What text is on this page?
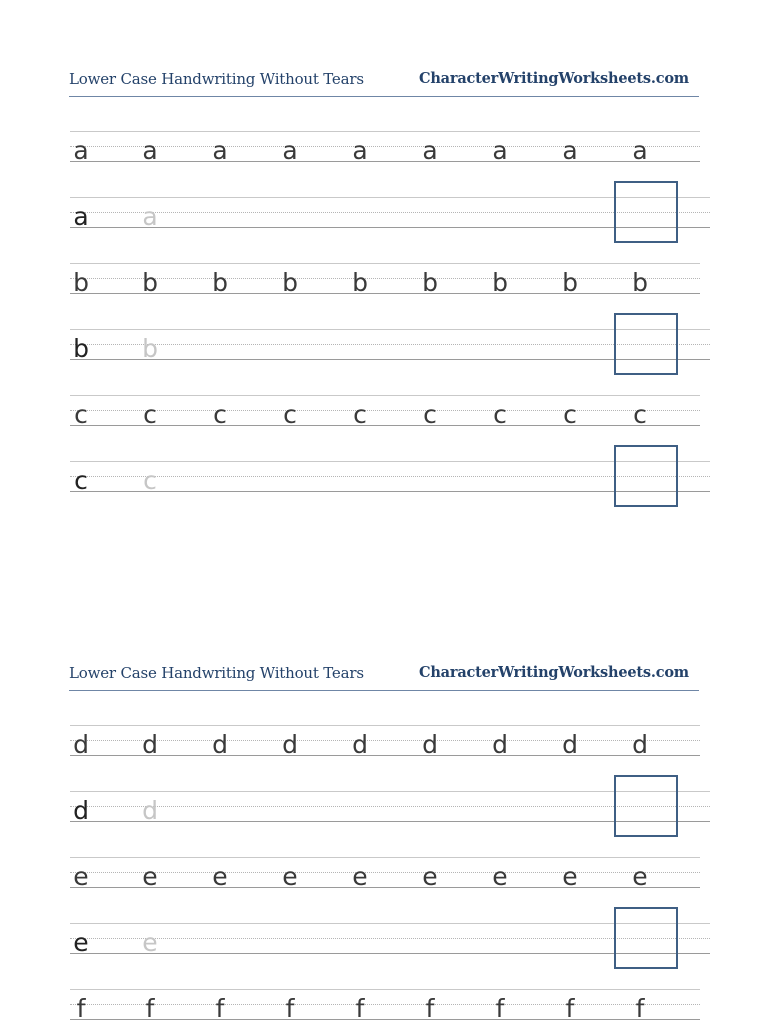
Lower Case Handwriting Without Tears	CharacterWritingWorksheets.com
a a a a a a a a a
a a
b b b b b b b b b
b b
c c c c c c c c c
c c
Lower Case Handwriting Without Tears	CharacterWritingWorksheets.com
d d d d d d d d d
d d
e e e e e e e e e
e e
f f f f f f f f f
